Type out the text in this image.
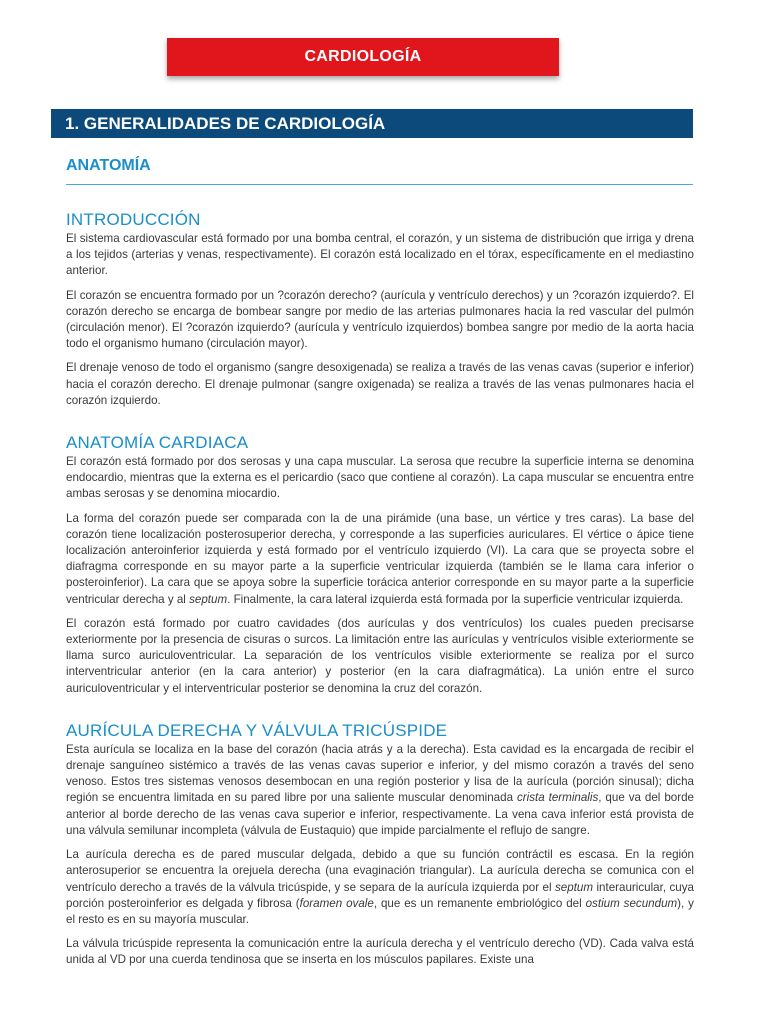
CARDIOLOGÍA
1. GENERALIDADES DE CARDIOLOGÍA
ANATOMÍA
INTRODUCCIÓN

El sistema cardiovascular está formado por una bomba central, el corazón, y un sistema de distribución que irriga y drena a los tejidos (arterias y venas, respectivamente). El corazón está localizado en el tórax, específicamente en el mediastino anterior.

El corazón se encuentra formado por un ?corazón derecho? (aurícula y ventrículo derechos) y un ?corazón izquierdo?. El corazón derecho se encarga de bombear sangre por medio de las arterias pulmonares hacia la red vascular del pulmón (circulación menor). El ?corazón izquierdo? (aurícula y ventrículo izquierdos) bombea sangre por medio de la aorta hacia todo el organismo humano (circulación mayor).

El drenaje venoso de todo el organismo (sangre desoxigenada) se realiza a través de las venas cavas (superior e inferior) hacia el corazón derecho. El drenaje pulmonar (sangre oxigenada) se realiza a través de las venas pulmonares hacia el corazón izquierdo.

ANATOMÍA CARDIACA

El corazón está formado por dos serosas y una capa muscular. La serosa que recubre la superficie interna se denomina endocardio, mientras que la externa es el pericardio (saco que contiene al corazón). La capa muscular se encuentra entre ambas serosas y se denomina miocardio.

La forma del corazón puede ser comparada con la de una pirámide (una base, un vértice y tres caras). La base del corazón tiene localización posterosuperior derecha, y corresponde a las superficies auriculares. El vértice o ápice tiene localización anteroinferior izquierda y está formado por el ventrículo izquierdo (VI). La cara que se proyecta sobre el diafragma corresponde en su mayor parte a la superficie ventricular izquierda (también se le llama cara inferior o posteroinferior). La cara que se apoya sobre la superficie torácica anterior corresponde en su mayor parte a la superficie ventricular derecha y al septum. Finalmente, la cara lateral izquierda está formada por la superficie ventricular izquierda.

El corazón está formado por cuatro cavidades (dos aurículas y dos ventrículos) los cuales pueden precisarse exteriormente por la presencia de cisuras o surcos. La limitación entre las aurículas y ventrículos visible exteriormente se llama surco auriculoventricular. La separación de los ventrículos visible exteriormente se realiza por el surco interventricular anterior (en la cara anterior) y posterior (en la cara diafragmática). La unión entre el surco auriculoventricular y el interventricular posterior se denomina la cruz del corazón.

AURÍCULA DERECHA Y VÁLVULA TRICÚSPIDE

Esta aurícula se localiza en la base del corazón (hacia atrás y a la derecha). Esta cavidad es la encargada de recibir el drenaje sanguíneo sistémico a través de las venas cavas superior e inferior, y del mismo corazón a través del seno venoso. Estos tres sistemas venosos desembocan en una región posterior y lisa de la aurícula (porción sinusal); dicha región se encuentra limitada en su pared libre por una saliente muscular denominada crista terminalis, que va del borde anterior al borde derecho de las venas cava superior e inferior, respectivamente. La vena cava inferior está provista de una válvula semilunar incompleta (válvula de Eustaquio) que impide parcialmente el reflujo de sangre.

La aurícula derecha es de pared muscular delgada, debido a que su función contráctil es escasa. En la región anterosuperior se encuentra la orejuela derecha (una evaginación triangular). La aurícula derecha se comunica con el ventrículo derecho a través de la válvula tricúspide, y se separa de la aurícula izquierda por el septum interauricular, cuya porción posteroinferior es delgada y fibrosa (foramen ovale, que es un remanente embriológico del ostium secundum), y el resto es en su mayoría muscular.

La válvula tricúspide representa la comunicación entre la aurícula derecha y el ventrículo derecho (VD). Cada valva está unida al VD por una cuerda tendinosa que se inserta en los músculos papilares. Existe una
